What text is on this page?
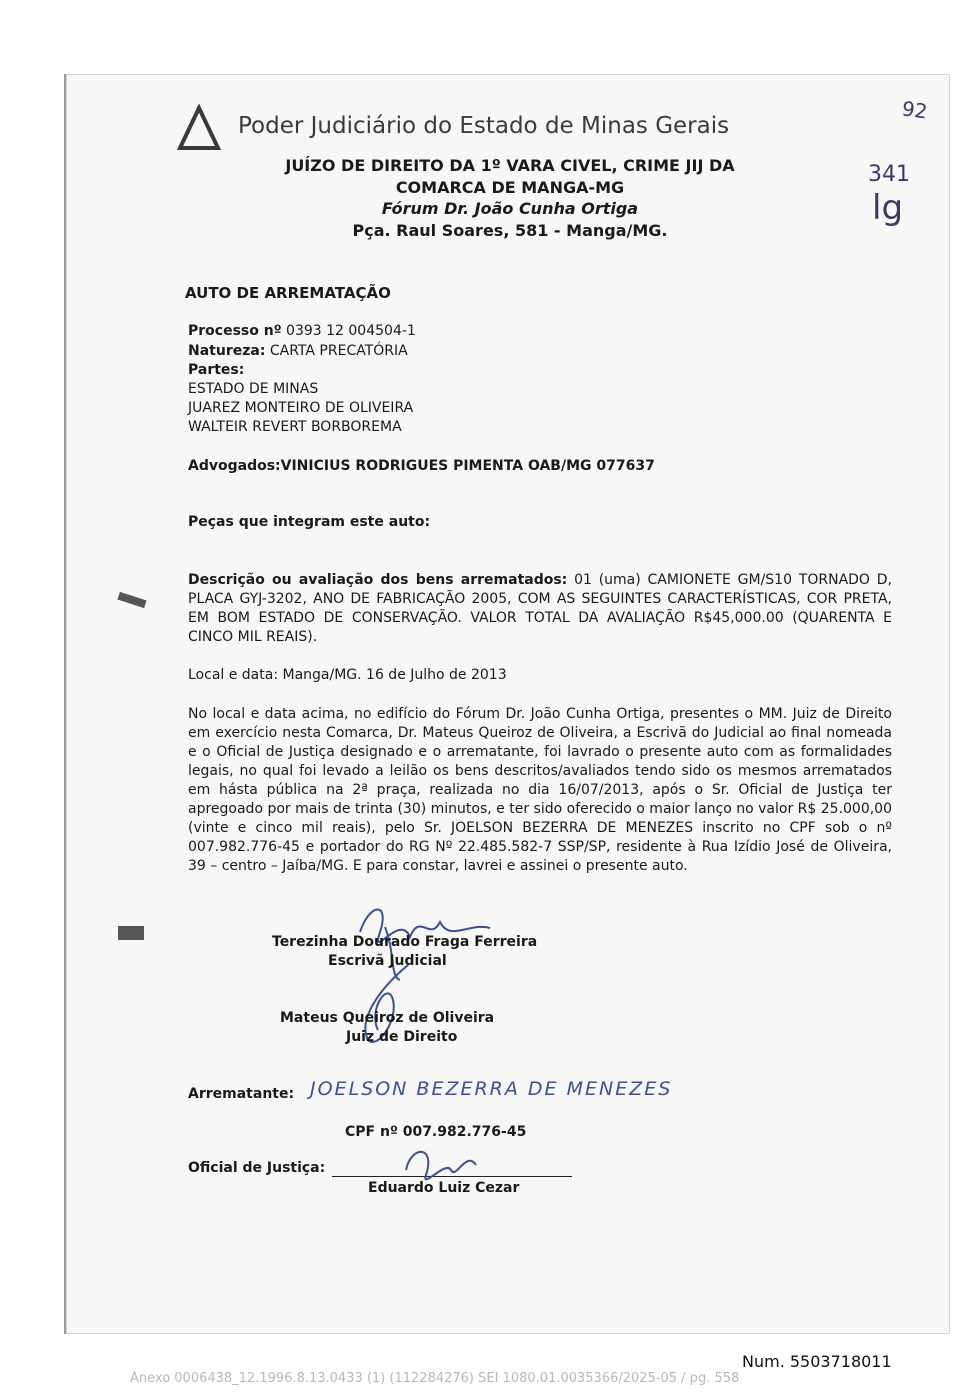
Poder Judiciário do Estado de Minas Gerais
JUÍZO DE DIREITO DA 1º VARA CIVEL, CRIME JIJ DA
COMARCA DE MANGA-MG
Fórum Dr. João Cunha Ortiga
Pça. Raul Soares, 581 - Manga/MG.
92
341
lg
AUTO DE ARREMATAÇÃO
Processo nº 0393 12 004504-1
Natureza: CARTA PRECATÓRIA
Partes:
ESTADO DE MINAS
JUAREZ MONTEIRO DE OLIVEIRA
WALTEIR REVERT BORBOREMA
Advogados:VINICIUS RODRIGUES PIMENTA OAB/MG 077637
Peças que integram este auto:
Descrição ou avaliação dos bens arrematados: 01 (uma) CAMIONETE GM/S10 TORNADO D, PLACA GYJ-3202, ANO DE FABRICAÇÃO 2005, COM AS SEGUINTES CARACTERÍSTICAS, COR PRETA, EM BOM ESTADO DE CONSERVAÇÃO. VALOR TOTAL DA AVALIAÇÃO R$45,000.00 (QUARENTA E CINCO MIL REAIS).
Local e data: Manga/MG. 16 de Julho de 2013
No local e data acima, no edifício do Fórum Dr. João Cunha Ortiga, presentes o MM. Juiz de Direito em exercício nesta Comarca, Dr. Mateus Queiroz de Oliveira, a Escrivã do Judicial ao final nomeada e o Oficial de Justiça designado e o arrematante, foi lavrado o presente auto com as formalidades legais, no qual foi levado a leilão os bens descritos/avaliados tendo sido os mesmos arrematados em hásta pública na 2ª praça, realizada no dia 16/07/2013, após o Sr. Oficial de Justiça ter apregoado por mais de trinta (30) minutos, e ter sido oferecido o maior lanço no valor R$ 25.000,00 (vinte e cinco mil reais), pelo Sr. JOELSON BEZERRA DE MENEZES inscrito no CPF sob o nº 007.982.776-45 e portador do RG Nº 22.485.582-7 SSP/SP, residente à Rua Izídio José de Oliveira, 39 – centro – Jaíba/MG. E para constar, lavrei e assinei o presente auto.
Terezinha Dourado Fraga Ferreira
Escrivã Judicial
Mateus Queiroz de Oliveira
Juiz de Direito
Arrematante: JOELSON BEZERRA DE MENEZES
CPF nº 007.982.776-45
Oficial de Justiça:
Eduardo Luiz Cezar
Num. 5503718011
Anexo 0006438_12.1996.8.13.0433 (1) (112284276) SEI 1080.01.0035366/2025-05 / pg. 558
